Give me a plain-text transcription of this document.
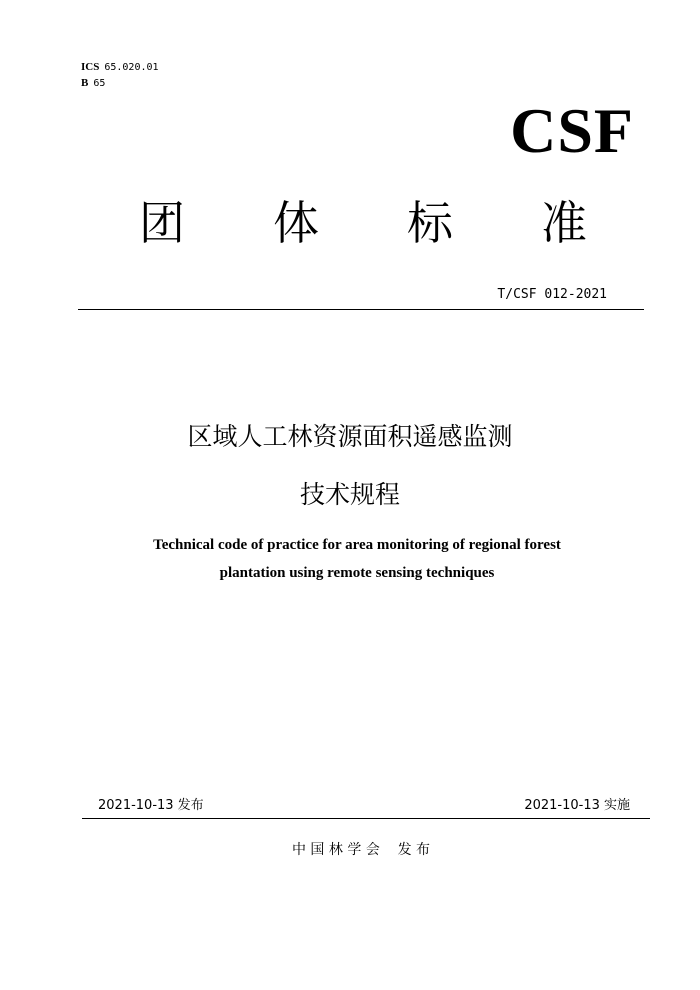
ICS 65.020.01
B 65
CSF
团 体 标 准
T/CSF 012-2021
区域人工林资源面积遥感监测
技术规程
Technical code of practice for area monitoring of regional forest
plantation using remote sensing techniques
2021-10-13 发布	2021-10-13 实施
中 国 林 学 会    发 布
